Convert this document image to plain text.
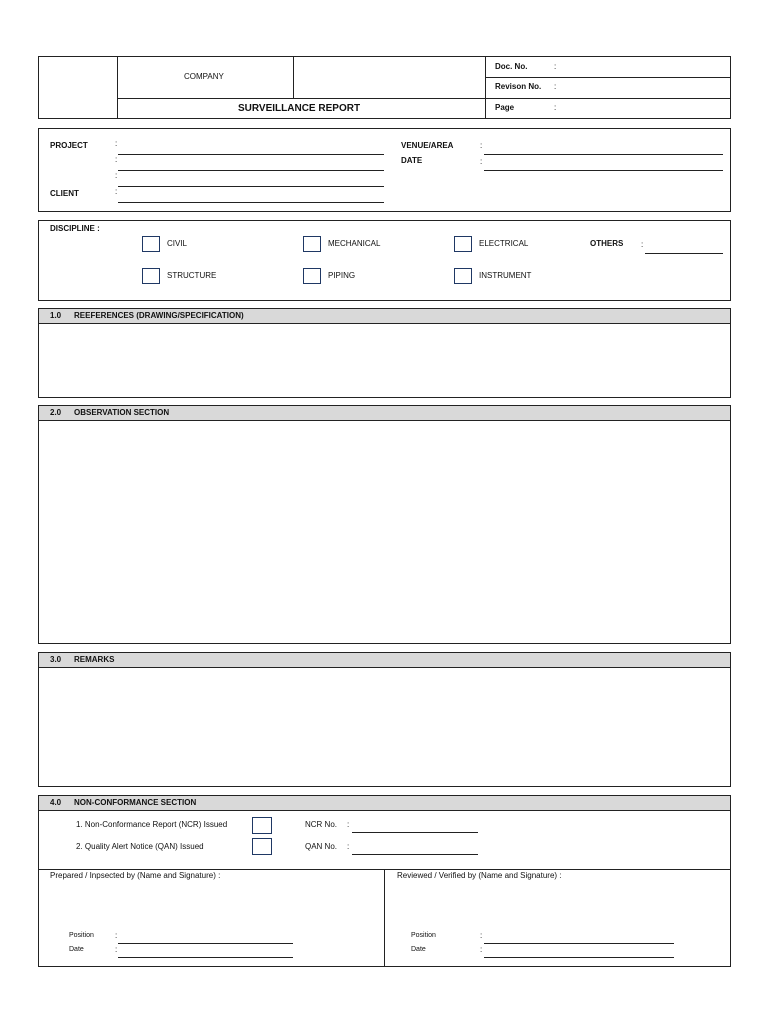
COMPANY
SURVEILLANCE REPORT
Doc. No.	:
Revison No. :
Page	:
PROJECT	:
:
:
CLIENT	:
VENUE/AREA	:
DATE	:
DISCIPLINE :
CIVIL	MECHANICAL	ELECTRICAL	OTHERS :
STRUCTURE	PIPING	INSTRUMENT
1.0 REEFERENCES (DRAWING/SPECIFICATION)
2.0 OBSERVATION SECTION
3.0 REMARKS
4.0 NON-CONFORMANCE SECTION
1. Non-Conformance Report (NCR) Issued	NCR No. :
2. Quality Alert Notice (QAN) Issued	QAN No. :
Prepared / Inpsected by (Name and Signature) :
Position	:
Date	:
Reviewed / Verified by (Name and Signature) :
Position	:
Date	:
